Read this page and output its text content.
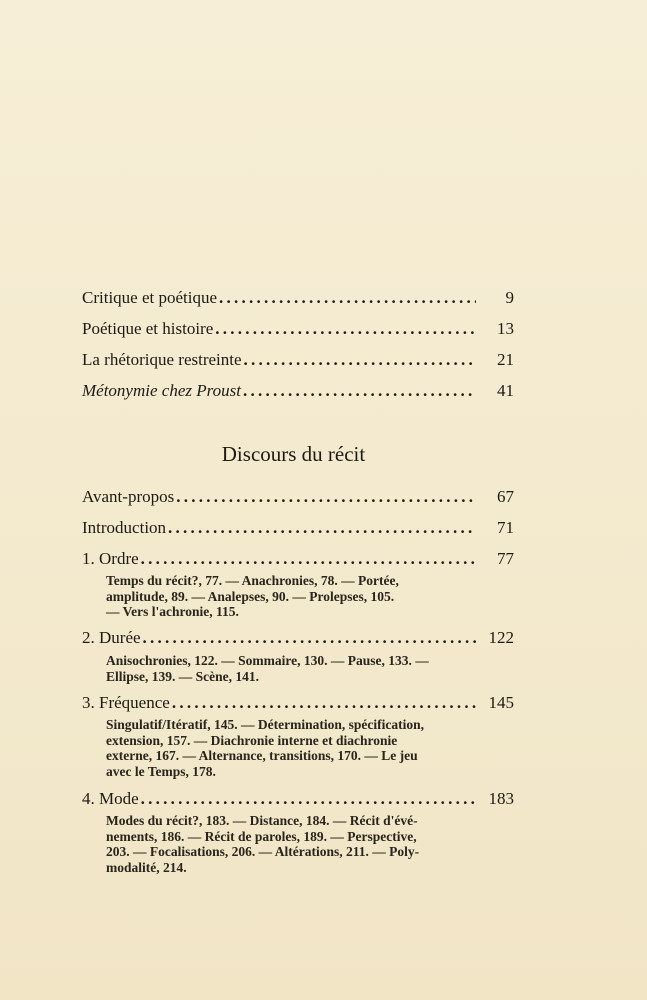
Critique et poétique . . .	9
Poétique et histoire . . .	13
La rhétorique restreinte . . .	21
Métonymie chez Proust . . .	41
Discours du récit
Avant-propos . . .	67
Introduction . . .	71
1. Ordre . . .	77
Temps du récit?, 77. — Anachronies, 78. — Portée,
amplitude, 89. — Analepses, 90. — Prolepses, 105.
— Vers l'achronie, 115.
2. Durée . . .	122
Anisochronies, 122. — Sommaire, 130. — Pause, 133. —
Ellipse, 139. — Scène, 141.
3. Fréquence . . .	145
Singulatif/Itératif, 145. — Détermination, spécification,
extension, 157. — Diachronie interne et diachronie
externe, 167. — Alternance, transitions, 170. — Le jeu
avec le Temps, 178.
4. Mode . . .	183
Modes du récit?, 183. — Distance, 184. — Récit d'évé-
nements, 186. — Récit de paroles, 189. — Perspective,
203. — Focalisations, 206. — Altérations, 211. — Poly-
modalité, 214.
